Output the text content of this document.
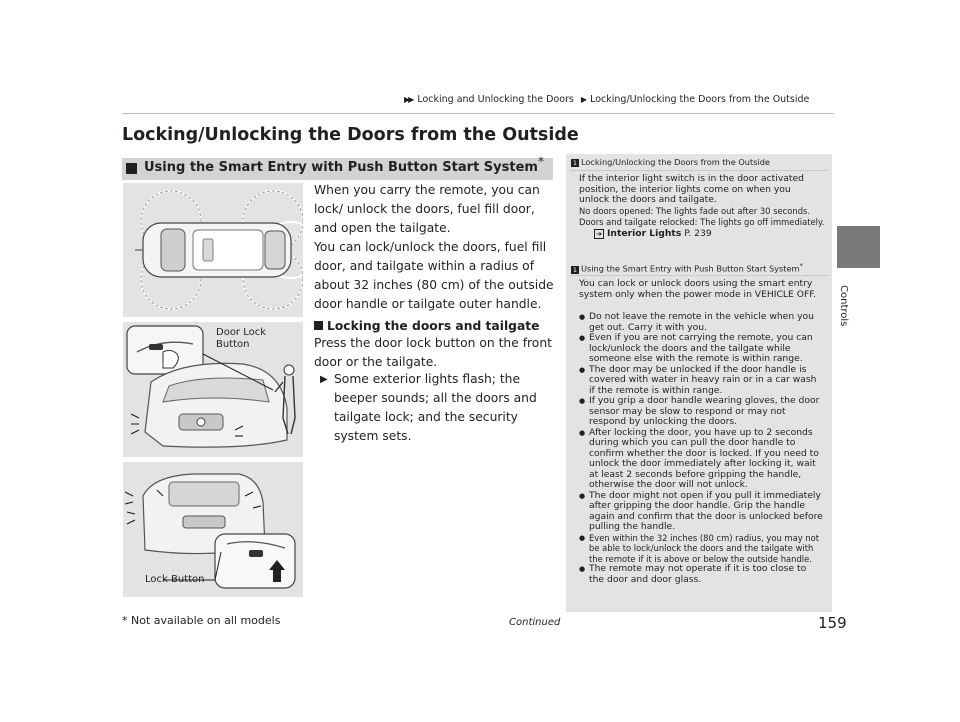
▶▶ Locking and Unlocking the Doors ▶ Locking/Unlocking the Doors from the Outside
Controls
Locking/Unlocking the Doors from the Outside
Using the Smart Entry with Push Button Start System*
Door Lock
Button
Lock Button
When you carry the remote, you can lock/ unlock the doors, fuel fill door, and open the tailgate.
You can lock/unlock the doors, fuel fill door, and tailgate within a radius of about 32 inches (80 cm) of the outside door handle or tailgate outer handle.
Locking the doors and tailgate
Press the door lock button on the front door or the tailgate.
▶ Some exterior lights flash; the beeper sounds; all the doors and tailgate lock; and the security system sets.
1 Locking/Unlocking the Doors from the Outside
If the interior light switch is in the door activated position, the interior lights come on when you unlock the doors and tailgate.
No doors opened: The lights fade out after 30 seconds.
Doors and tailgate relocked: The lights go off immediately.
➜ Interior Lights P. 239
1 Using the Smart Entry with Push Button Start System*
You can lock or unlock doors using the smart entry system only when the power mode in VEHICLE OFF.
● Do not leave the remote in the vehicle when you get out. Carry it with you.
● Even if you are not carrying the remote, you can lock/unlock the doors and the tailgate while someone else with the remote is within range.
● The door may be unlocked if the door handle is covered with water in heavy rain or in a car wash if the remote is within range.
● If you grip a door handle wearing gloves, the door sensor may be slow to respond or may not respond by unlocking the doors.
● After locking the door, you have up to 2 seconds during which you can pull the door handle to confirm whether the door is locked. If you need to unlock the door immediately after locking it, wait at least 2 seconds before gripping the handle, otherwise the door will not unlock.
● The door might not open if you pull it immediately after gripping the door handle. Grip the handle again and confirm that the door is unlocked before pulling the handle.
● Even within the 32 inches (80 cm) radius, you may not be able to lock/unlock the doors and the tailgate with the remote if it is above or below the outside handle.
● The remote may not operate if it is too close to the door and door glass.
* Not available on all models	Continued	159
